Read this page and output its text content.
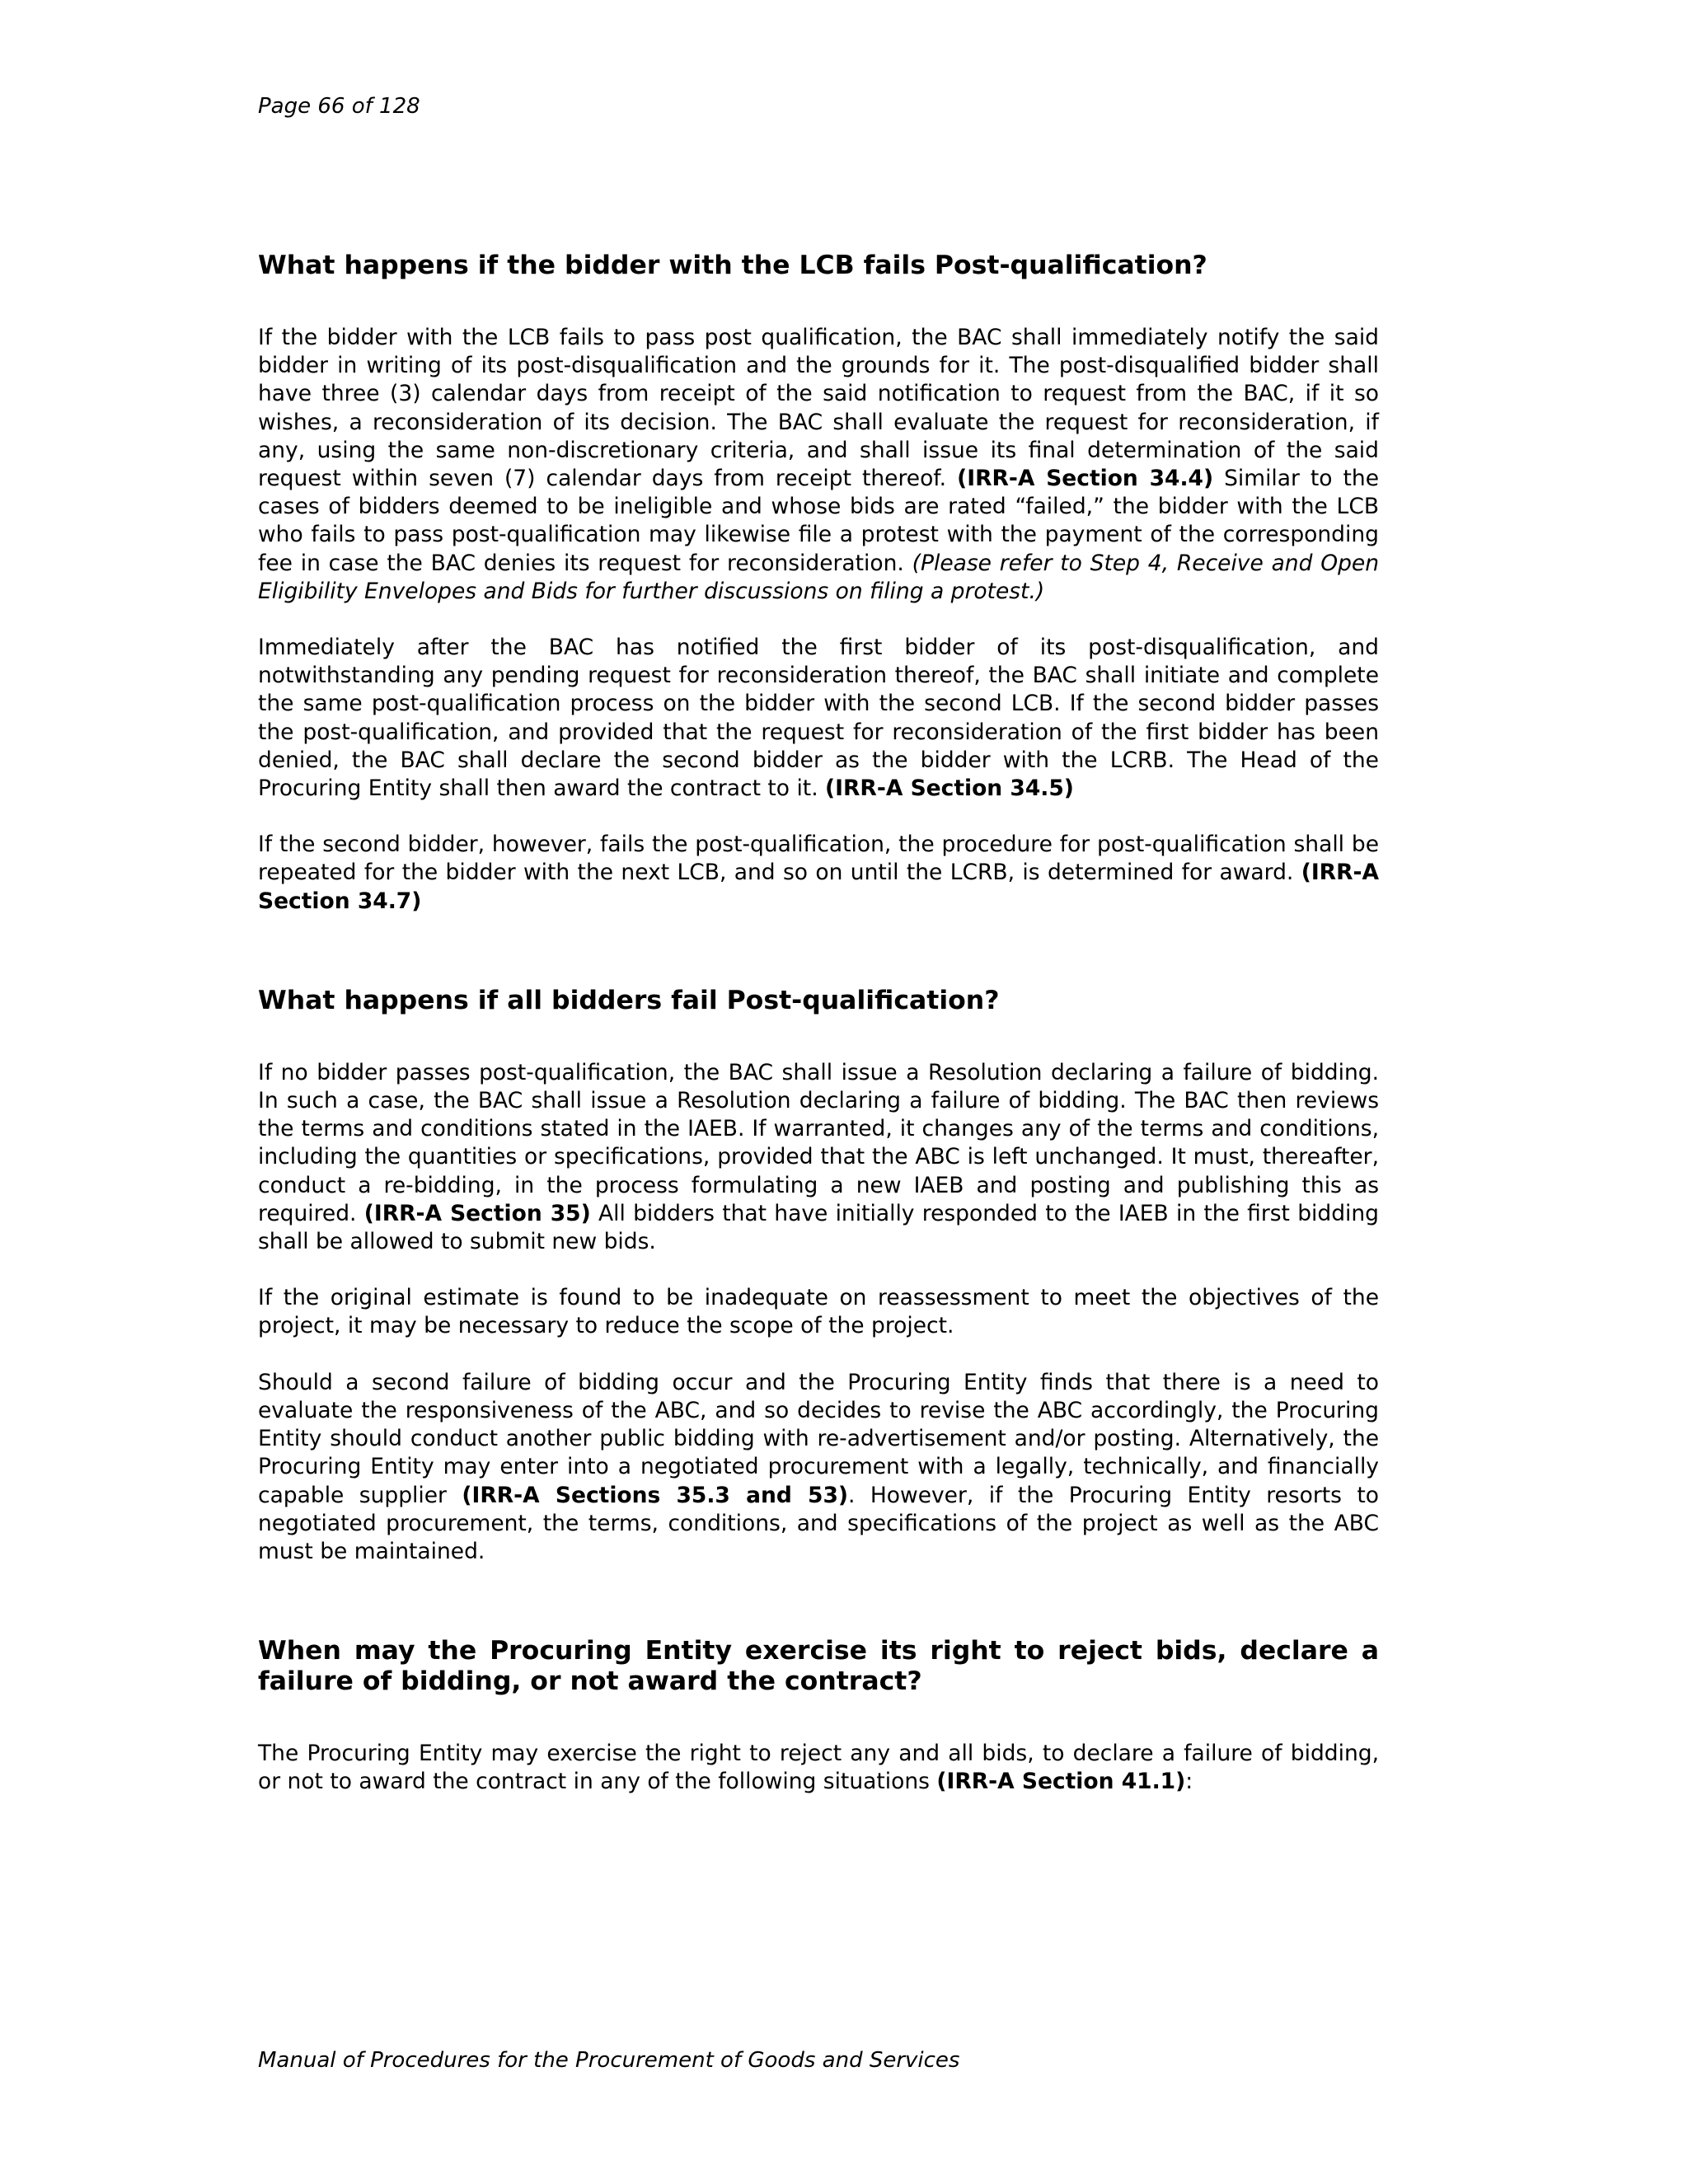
Page 66 of 128

What happens if the bidder with the LCB fails Post-qualification?

If the bidder with the LCB fails to pass post qualification, the BAC shall immediately notify the said bidder in writing of its post-disqualification and the grounds for it. The post-disqualified bidder shall have three (3) calendar days from receipt of the said notification to request from the BAC, if it so wishes, a reconsideration of its decision. The BAC shall evaluate the request for reconsideration, if any, using the same non-discretionary criteria, and shall issue its final determination of the said request within seven (7) calendar days from receipt thereof. (IRR-A Section 34.4) Similar to the cases of bidders deemed to be ineligible and whose bids are rated “failed,” the bidder with the LCB who fails to pass post-qualification may likewise file a protest with the payment of the corresponding fee in case the BAC denies its request for reconsideration. (Please refer to Step 4, Receive and Open Eligibility Envelopes and Bids for further discussions on filing a protest.)

Immediately after the BAC has notified the first bidder of its post-disqualification, and notwithstanding any pending request for reconsideration thereof, the BAC shall initiate and complete the same post-qualification process on the bidder with the second LCB. If the second bidder passes the post-qualification, and provided that the request for reconsideration of the first bidder has been denied, the BAC shall declare the second bidder as the bidder with the LCRB. The Head of the Procuring Entity shall then award the contract to it. (IRR-A Section 34.5)

If the second bidder, however, fails the post-qualification, the procedure for post-qualification shall be repeated for the bidder with the next LCB, and so on until the LCRB, is determined for award. (IRR-A Section 34.7)

What happens if all bidders fail Post-qualification?

If no bidder passes post-qualification, the BAC shall issue a Resolution declaring a failure of bidding. In such a case, the BAC shall issue a Resolution declaring a failure of bidding. The BAC then reviews the terms and conditions stated in the IAEB. If warranted, it changes any of the terms and conditions, including the quantities or specifications, provided that the ABC is left unchanged. It must, thereafter, conduct a re-bidding, in the process formulating a new IAEB and posting and publishing this as required. (IRR-A Section 35) All bidders that have initially responded to the IAEB in the first bidding shall be allowed to submit new bids.

If the original estimate is found to be inadequate on reassessment to meet the objectives of the project, it may be necessary to reduce the scope of the project.

Should a second failure of bidding occur and the Procuring Entity finds that there is a need to evaluate the responsiveness of the ABC, and so decides to revise the ABC accordingly, the Procuring Entity should conduct another public bidding with re-advertisement and/or posting. Alternatively, the Procuring Entity may enter into a negotiated procurement with a legally, technically, and financially capable supplier (IRR-A Sections 35.3 and 53). However, if the Procuring Entity resorts to negotiated procurement, the terms, conditions, and specifications of the project as well as the ABC must be maintained.

When may the Procuring Entity exercise its right to reject bids, declare a failure of bidding, or not award the contract?

The Procuring Entity may exercise the right to reject any and all bids, to declare a failure of bidding, or not to award the contract in any of the following situations (IRR-A Section 41.1):

Manual of Procedures for the Procurement of Goods and Services
